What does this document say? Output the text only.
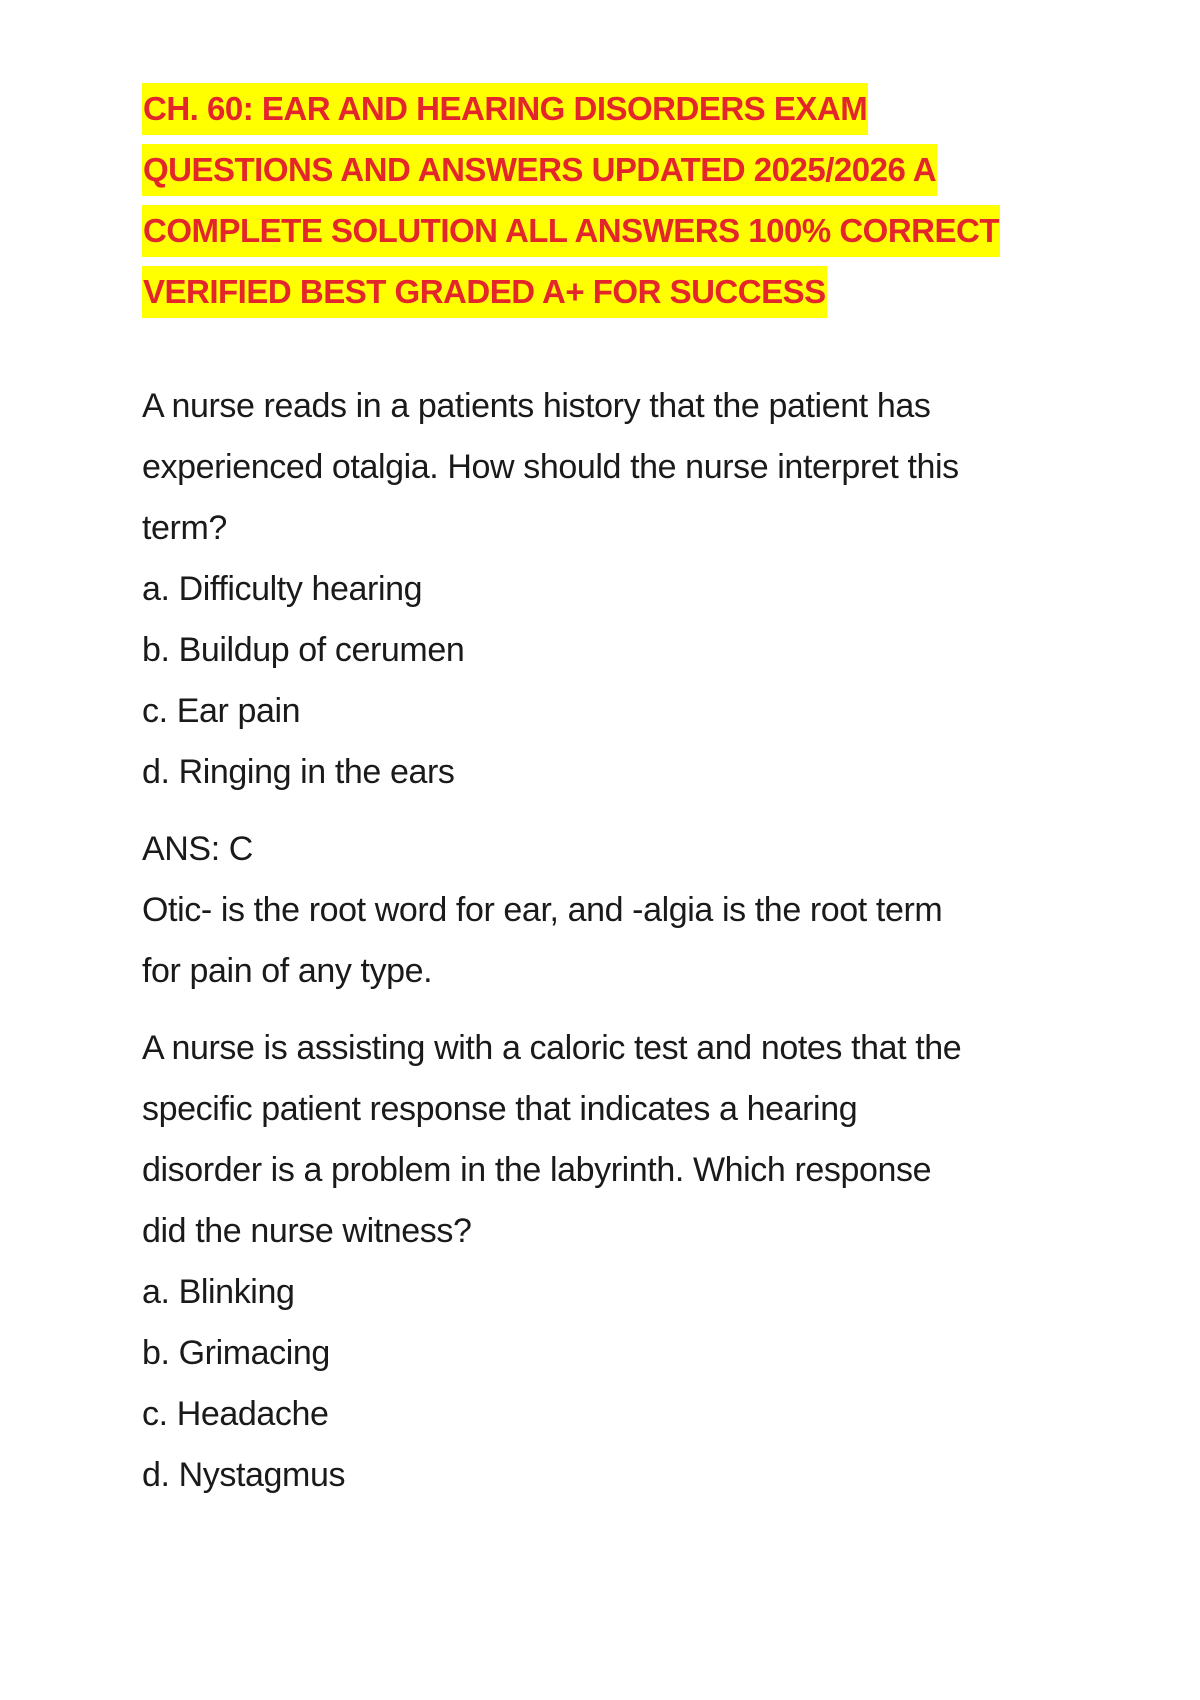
CH. 60: EAR AND HEARING DISORDERS EXAM
QUESTIONS AND ANSWERS UPDATED 2025/2026 A
COMPLETE SOLUTION ALL ANSWERS 100% CORRECT
VERIFIED BEST GRADED A+ FOR SUCCESS
A nurse reads in a patients history that the patient has
experienced otalgia. How should the nurse interpret this
term?
a. Difficulty hearing
b. Buildup of cerumen
c. Ear pain
d. Ringing in the ears
ANS: C
Otic- is the root word for ear, and -algia is the root term
for pain of any type.
A nurse is assisting with a caloric test and notes that the
specific patient response that indicates a hearing
disorder is a problem in the labyrinth. Which response
did the nurse witness?
a. Blinking
b. Grimacing
c. Headache
d. Nystagmus
